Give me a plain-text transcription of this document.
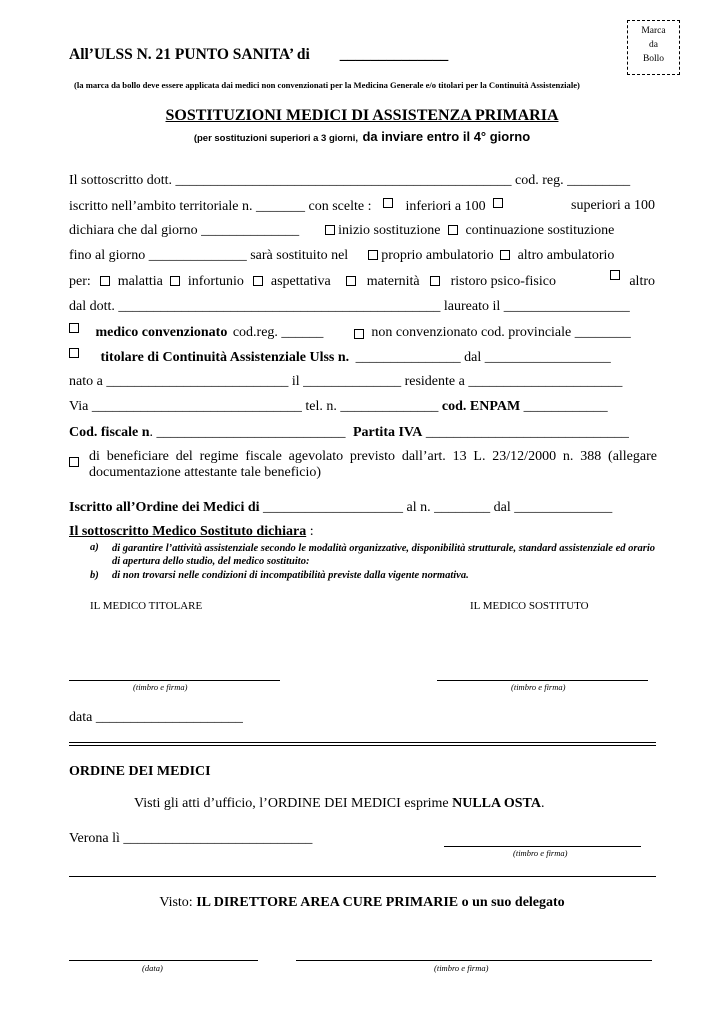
Marca
da
Bollo
All’ULSS N. 21 PUNTO SANITA’ di ______________
(la marca da bollo deve essere applicata dai medici non convenzionati per la Medicina Generale e/o titolari per la Continuità Assistenziale)
SOSTITUZIONI MEDICI DI ASSISTENZA PRIMARIA
(per sostituzioni superiori a 3 giorni, da inviare entro il 4° giorno
Il sottoscritto dott. ________________________________________________ cod. reg. _________
iscritto nell’ambito territoriale n. _______ con scelte : inferiori a 100	superiori a 100
dichiara che dal giorno ______________	inizio sostituzione continuazione sostituzione
fino al giorno ______________ sarà sostituito nel proprio ambulatorio altro ambulatorio
per: malattia infortunio aspettativa	maternità ristoro psico-fisico	altro
dal dott. ______________________________________________ laureato il __________________
medico convenzionato cod.reg. ______	non convenzionato cod. provinciale ________
titolare di Continuità Assistenziale Ulss n. _______________ dal __________________
nato a __________________________ il ______________ residente a ______________________
Via ______________________________ tel. n. ______________ cod. ENPAM ____________
Cod. fiscale n. ___________________________ Partita IVA _____________________________
di beneficiare del regime fiscale agevolato previsto dall’art. 13 L. 23/12/2000 n. 388 (allegare documentazione attestante tale beneficio)
Iscritto all’Ordine dei Medici di ____________________ al n. ________ dal ______________
Il sottoscritto Medico Sostituto dichiara :
a) di garantire l’attività assistenziale secondo le modalità organizzative, disponibilità strutturale, standard assistenziale ed orario di apertura dello studio, del medico sostituito:
b) di non trovarsi nelle condizioni di incompatibilità previste dalla vigente normativa.
IL MEDICO TITOLARE	IL MEDICO SOSTITUTO
(timbro e firma)	(timbro e firma)
data _____________________
ORDINE DEI MEDICI
Visti gli atti d’ufficio, l’ORDINE DEI MEDICI esprime NULLA OSTA.
Verona lì ___________________________
(timbro e firma)
Visto: IL DIRETTORE AREA CURE PRIMARIE o un suo delegato
(data)	(timbro e firma)
